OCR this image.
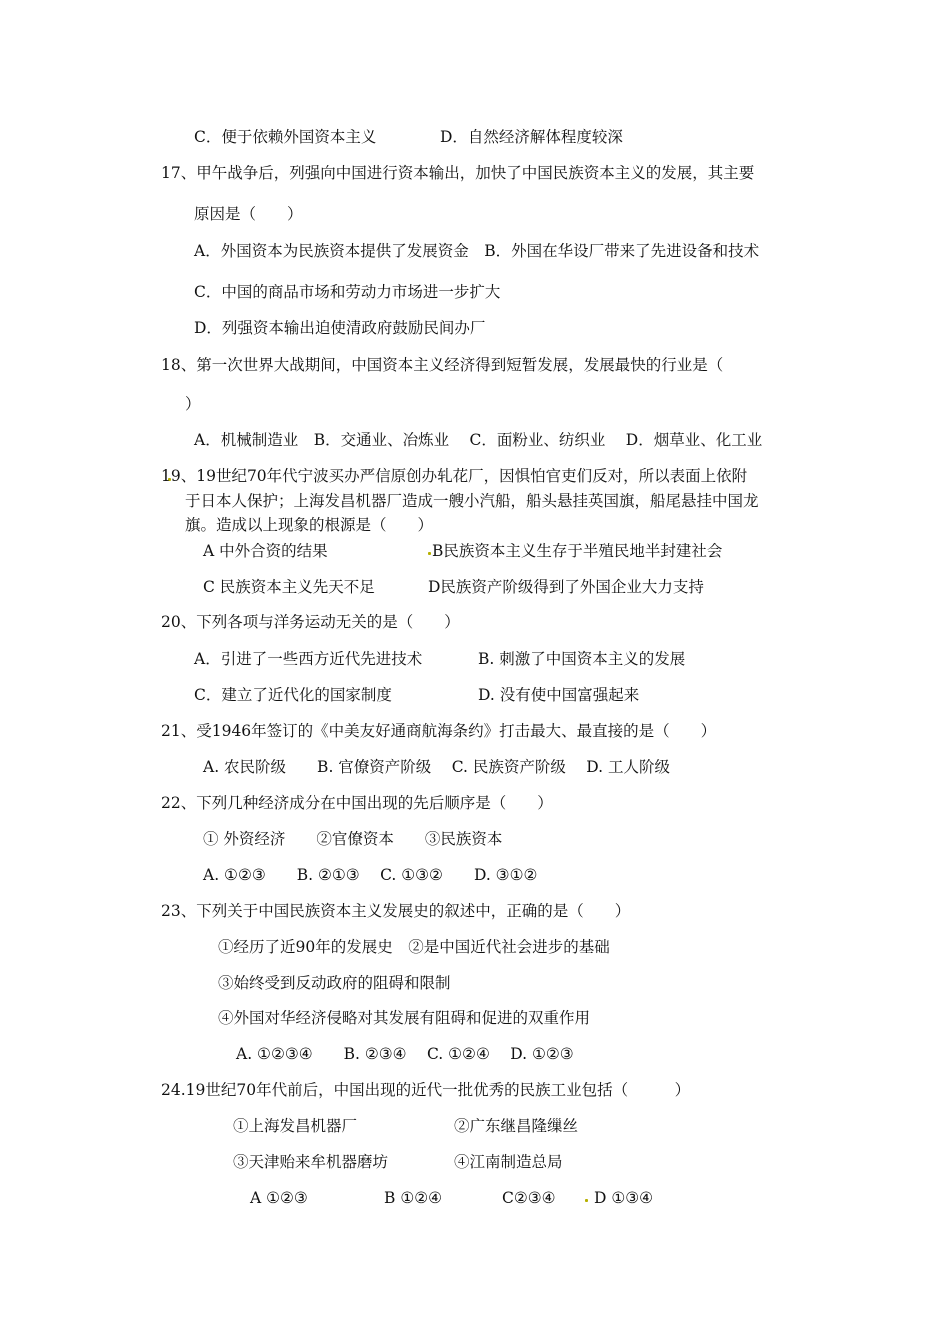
C．便于依赖外国资本主义	D．自然经济解体程度较深
17、甲午战争后，列强向中国进行资本输出，加快了中国民族资本主义的发展，其主要
原因是（　　）
A．外国资本为民族资本提供了发展资金　B．外国在华设厂带来了先进设备和技术
C．中国的商品市场和劳动力市场进一步扩大
D．列强资本输出迫使清政府鼓励民间办厂
18、第一次世界大战期间，中国资本主义经济得到短暂发展，发展最快的行业是（
）
A．机械制造业　B．交通业、冶炼业　 C．面粉业、纺织业　 D．烟草业、化工业
19、19世纪70年代宁波买办严信原创办轧花厂，因惧怕官吏们反对，所以表面上依附
于日本人保护；上海发昌机器厂造成一艘小汽船，船头悬挂英国旗，船尾悬挂中国龙
旗。造成以上现象的根源是（　　）
A 中外合资的结果	B民族资本主义生存于半殖民地半封建社会
C 民族资本主义先天不足	D民族资产阶级得到了外国企业大力支持
20、下列各项与洋务运动无关的是（　　）
A．引进了一些西方近代先进技术	B. 刺激了中国资本主义的发展
C．建立了近代化的国家制度	D. 没有使中国富强起来
21、受1946年签订的《中美友好通商航海条约》打击最大、最直接的是（　　）
A. 农民阶级　　B. 官僚资产阶级　 C. 民族资产阶级　 D. 工人阶级
22、下列几种经济成分在中国出现的先后顺序是（　　）
① 外资经济　　②官僚资本　　③民族资本
A. ①②③　　B. ②①③　 C. ①③②　　D. ③①②
23、下列关于中国民族资本主义发展史的叙述中，正确的是（　　）
①经历了近90年的发展史　②是中国近代社会进步的基础
③始终受到反动政府的阻碍和限制
④外国对华经济侵略对其发展有阻碍和促进的双重作用
A. ①②③④　　B. ②③④　 C. ①②④　 D. ①②③
24.19世纪70年代前后，中国出现的近代一批优秀的民族工业包括（　　　）
①上海发昌机器厂	②广东继昌隆缫丝
③天津贻来牟机器磨坊	④江南制造总局
A ①②③	B ①②④	C②③④ D ①③④
